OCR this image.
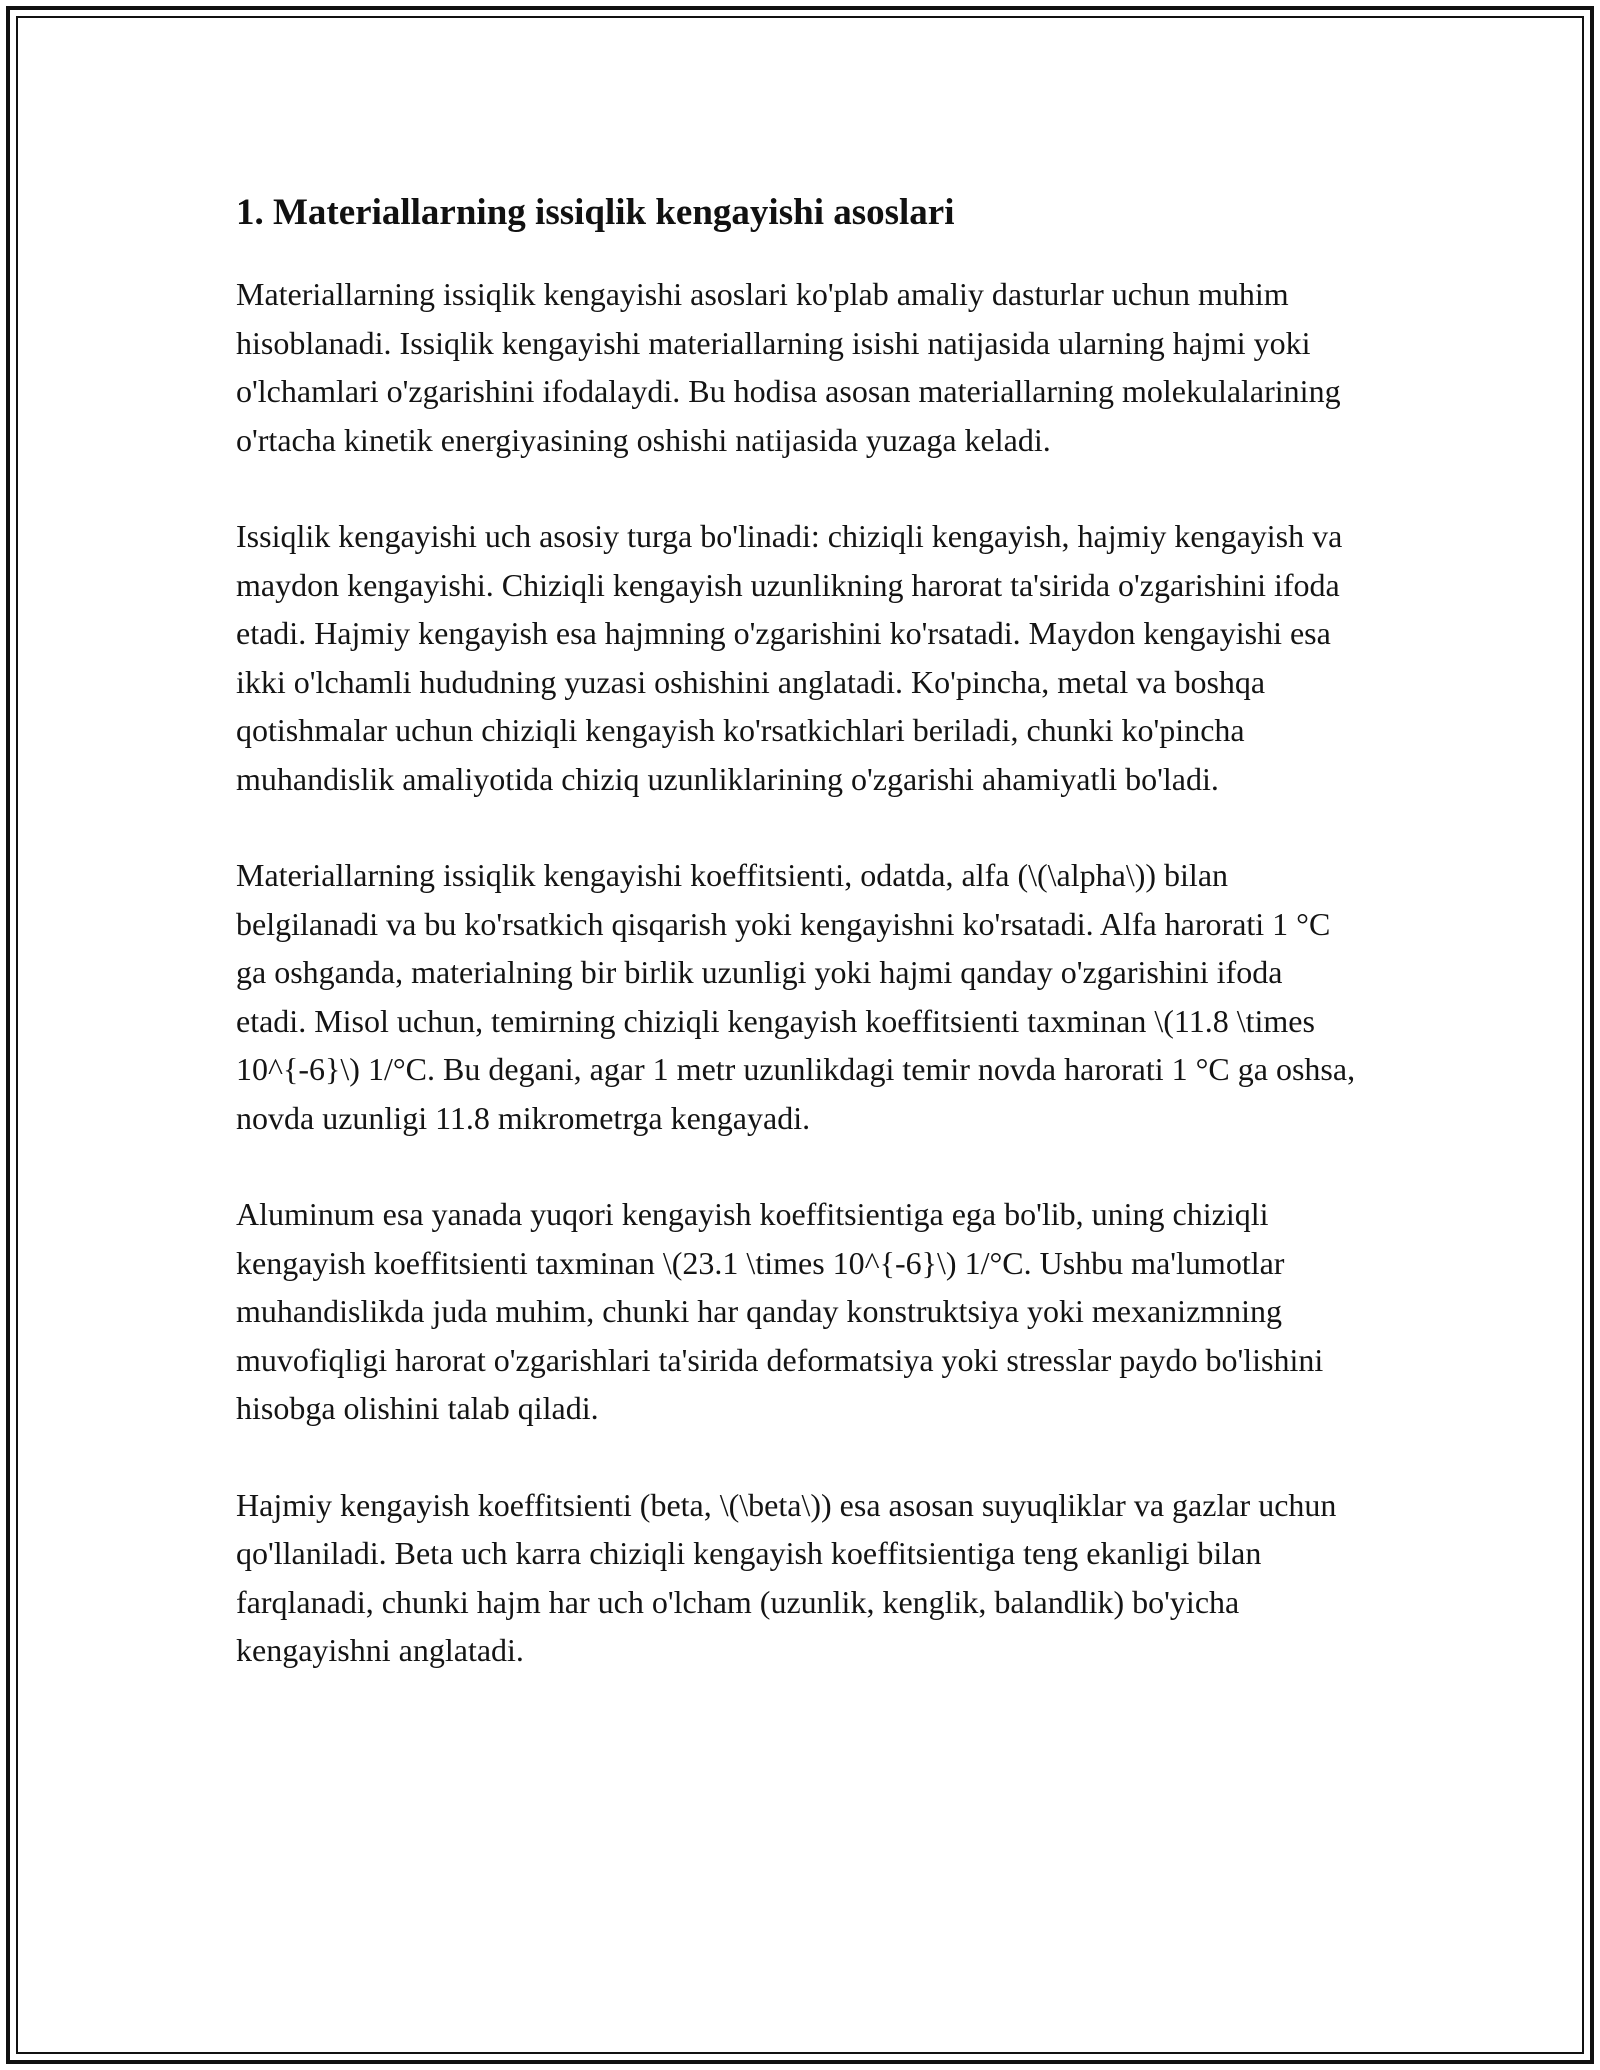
1. Materiallarning issiqlik kengayishi asoslari

Materiallarning issiqlik kengayishi asoslari ko'plab amaliy dasturlar uchun muhim hisoblanadi. Issiqlik kengayishi materiallarning isishi natijasida ularning hajmi yoki o'lchamlari o'zgarishini ifodalaydi. Bu hodisa asosan materiallarning molekulalarining o'rtacha kinetik energiyasining oshishi natijasida yuzaga keladi.

Issiqlik kengayishi uch asosiy turga bo'linadi: chiziqli kengayish, hajmiy kengayish va maydon kengayishi. Chiziqli kengayish uzunlikning harorat ta'sirida o'zgarishini ifoda etadi. Hajmiy kengayish esa hajmning o'zgarishini ko'rsatadi. Maydon kengayishi esa ikki o'lchamli hududning yuzasi oshishini anglatadi. Ko'pincha, metal va boshqa qotishmalar uchun chiziqli kengayish ko'rsatkichlari beriladi, chunki ko'pincha muhandislik amaliyotida chiziq uzunliklarining o'zgarishi ahamiyatli bo'ladi.

Materiallarning issiqlik kengayishi koeffitsienti, odatda, alfa (\(\alpha\)) bilan belgilanadi va bu ko'rsatkich qisqarish yoki kengayishni ko'rsatadi. Alfa harorati 1 °C ga oshganda, materialning bir birlik uzunligi yoki hajmi qanday o'zgarishini ifoda etadi. Misol uchun, temirning chiziqli kengayish koeffitsienti taxminan \(11.8 \times 10^{-6}\) 1/°C. Bu degani, agar 1 metr uzunlikdagi temir novda harorati 1 °C ga oshsa, novda uzunligi 11.8 mikrometrga kengayadi.

Aluminum esa yanada yuqori kengayish koeffitsientiga ega bo'lib, uning chiziqli kengayish koeffitsienti taxminan \(23.1 \times 10^{-6}\) 1/°C. Ushbu ma'lumotlar muhandislikda juda muhim, chunki har qanday konstruktsiya yoki mexanizmning muvofiqligi harorat o'zgarishlari ta'sirida deformatsiya yoki stresslar paydo bo'lishini hisobga olishini talab qiladi.

Hajmiy kengayish koeffitsienti (beta, \(\beta\)) esa asosan suyuqliklar va gazlar uchun qo'llaniladi. Beta uch karra chiziqli kengayish koeffitsientiga teng ekanligi bilan farqlanadi, chunki hajm har uch o'lcham (uzunlik, kenglik, balandlik) bo'yicha kengayishni anglatadi.
